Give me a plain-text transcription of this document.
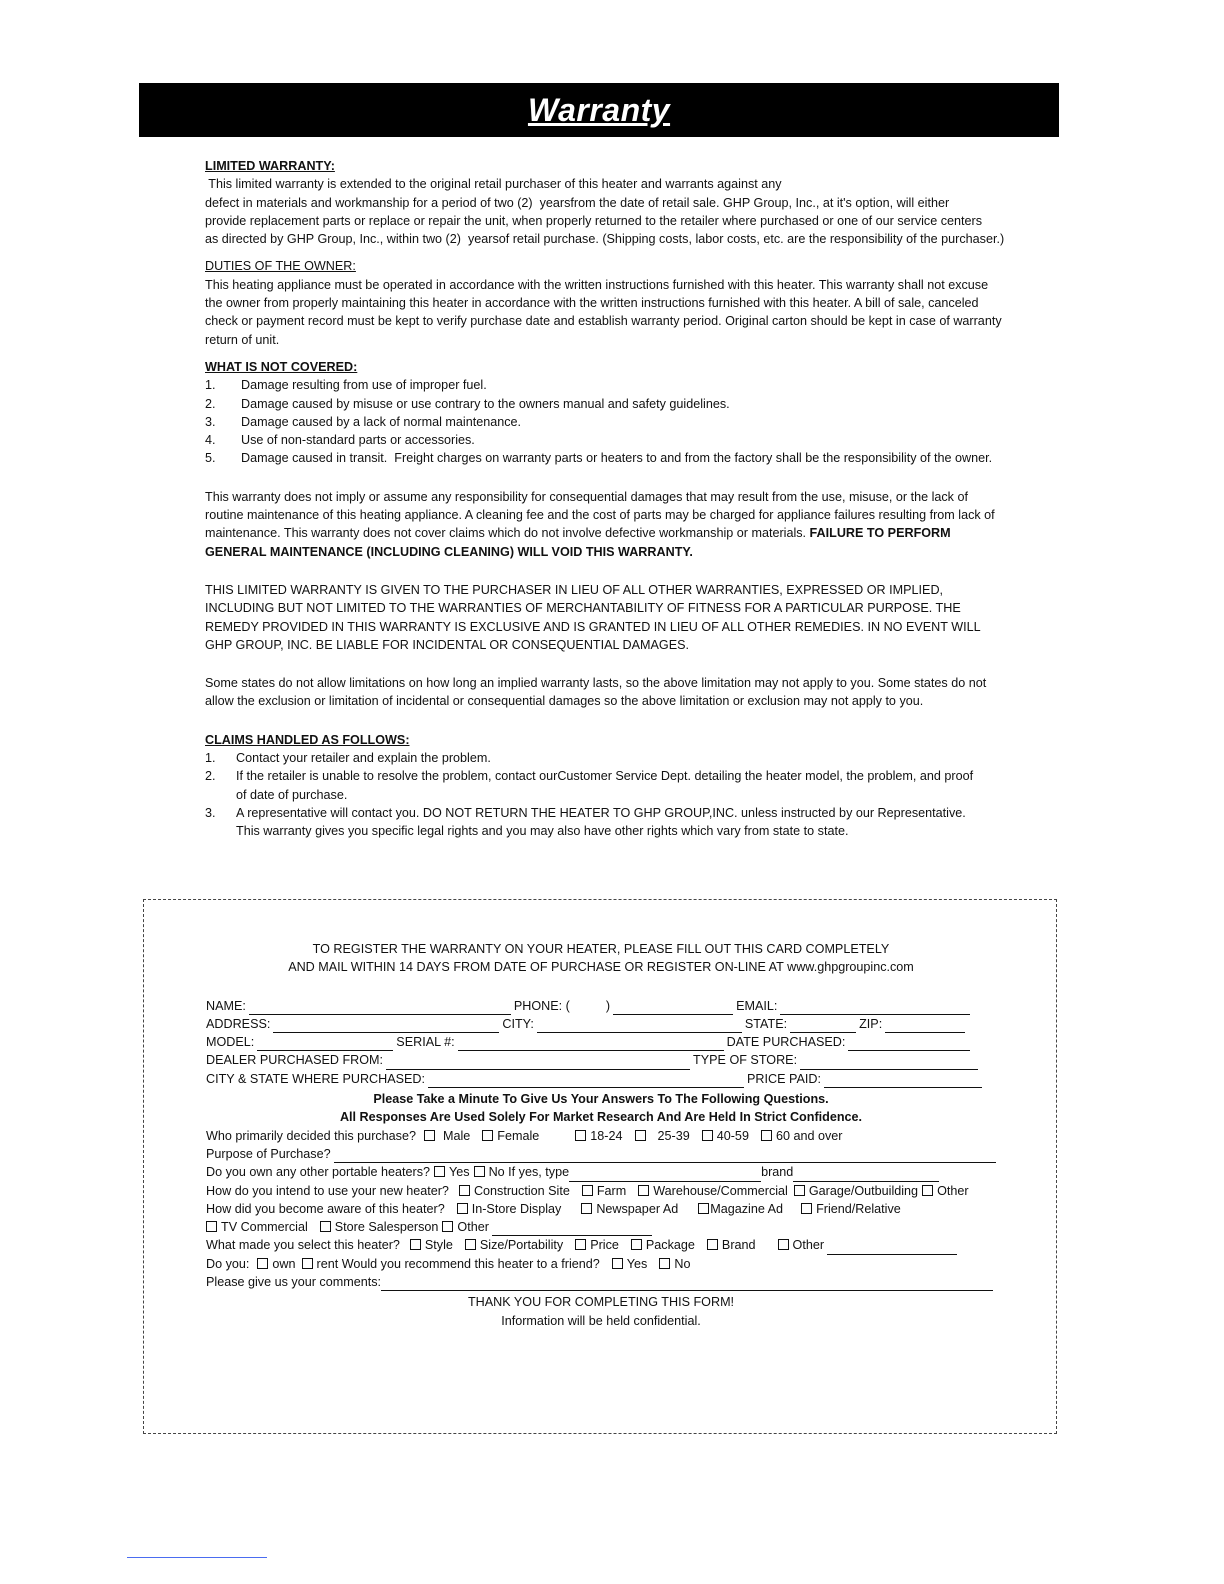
Warranty

LIMITED WARRANTY:

This limited warranty is extended to the original retail purchaser of this heater and warrants against any

defect in materials and workmanship for a period of two (2)  yearsfrom the date of retail sale. GHP Group, Inc., at it's option, will either

provide replacement parts or replace or repair the unit, when properly returned to the retailer where purchased or one of our service centers

as directed by GHP Group, Inc., within two (2)  yearsof retail purchase. (Shipping costs, labor costs, etc. are the responsibility of the purchaser.)

DUTIES OF THE OWNER:

This heating appliance must be operated in accordance with the written instructions furnished with this heater. This warranty shall not excuse

the owner from properly maintaining this heater in accordance with the written instructions furnished with this heater. A bill of sale, canceled

check or payment record must be kept to verify purchase date and establish warranty period. Original carton should be kept in case of warranty

return of unit.

WHAT IS NOT COVERED:

1.	Damage resulting from use of improper fuel.
2.	Damage caused by misuse or use contrary to the owners manual and safety guidelines.
3.	Damage caused by a lack of normal maintenance.
4.	Use of non-standard parts or accessories.
5.	Damage caused in transit.  Freight charges on warranty parts or heaters to and from the factory shall be the responsibility of the owner.

This warranty does not imply or assume any responsibility for consequential damages that may result from the use, misuse, or the lack of

routine maintenance of this heating appliance. A cleaning fee and the cost of parts may be charged for appliance failures resulting from lack of

maintenance. This warranty does not cover claims which do not involve defective workmanship or materials. FAILURE TO PERFORM

GENERAL MAINTENANCE (INCLUDING CLEANING) WILL VOID THIS WARRANTY.

THIS LIMITED WARRANTY IS GIVEN TO THE PURCHASER IN LIEU OF ALL OTHER WARRANTIES, EXPRESSED OR IMPLIED,

INCLUDING BUT NOT LIMITED TO THE WARRANTIES OF MERCHANTABILITY OF FITNESS FOR A PARTICULAR PURPOSE. THE

REMEDY PROVIDED IN THIS WARRANTY IS EXCLUSIVE AND IS GRANTED IN LIEU OF ALL OTHER REMEDIES. IN NO EVENT WILL

GHP GROUP, INC. BE LIABLE FOR INCIDENTAL OR CONSEQUENTIAL DAMAGES.

Some states do not allow limitations on how long an implied warranty lasts, so the above limitation may not apply to you. Some states do not

allow the exclusion or limitation of incidental or consequential damages so the above limitation or exclusion may not apply to you.

CLAIMS HANDLED AS FOLLOWS:

1.	Contact your retailer and explain the problem.
2.	If the retailer is unable to resolve the problem, contact ourCustomer Service Dept. detailing the heater model, the problem, and proof
of date of purchase.
3.	A representative will contact you. DO NOT RETURN THE HEATER TO GHP GROUP,INC. unless instructed by our Representative.
This warranty gives you specific legal rights and you may also have other rights which vary from state to state.

TO REGISTER THE WARRANTY ON YOUR HEATER, PLEASE FILL OUT THIS CARD COMPLETELY

AND MAIL WITHIN 14 DAYS FROM DATE OF PURCHASE OR REGISTER ON-LINE AT www.ghpgroupinc.com

NAME:	PHONE: (	)	EMAIL:
ADDRESS:	CITY:	STATE:	ZIP:
MODEL:	SERIAL #:	DATE PURCHASED:
DEALER PURCHASED FROM:	TYPE OF STORE:
CITY & STATE WHERE PURCHASED:	PRICE PAID:

Please Take a Minute To Give Us Your Answers To The Following Questions.

All Responses Are Used Solely For Market Research And Are Held In Strict Confidence.

Who primarily decided this purchase?	Male	Female	18-24	25-39	40-59	60 and over
Purpose of Purchase?
Do you own any other portable heaters?	Yes	No If yes, type	brand
How do you intend to use your new heater?	Construction Site	Farm	Warehouse/Commercial	Garage/Outbuilding	Other
How did you become aware of this heater?	In-Store Display	Newspaper Ad	Magazine Ad	Friend/Relative
TV Commercial	Store Salesperson	Other
What made you select this heater?	Style	Size/Portability	Price	Package	Brand	Other
Do you:	own	rent Would you recommend this heater to a friend?	Yes	No
Please give us your comments:

THANK YOU FOR COMPLETING THIS FORM!

Information will be held confidential.
